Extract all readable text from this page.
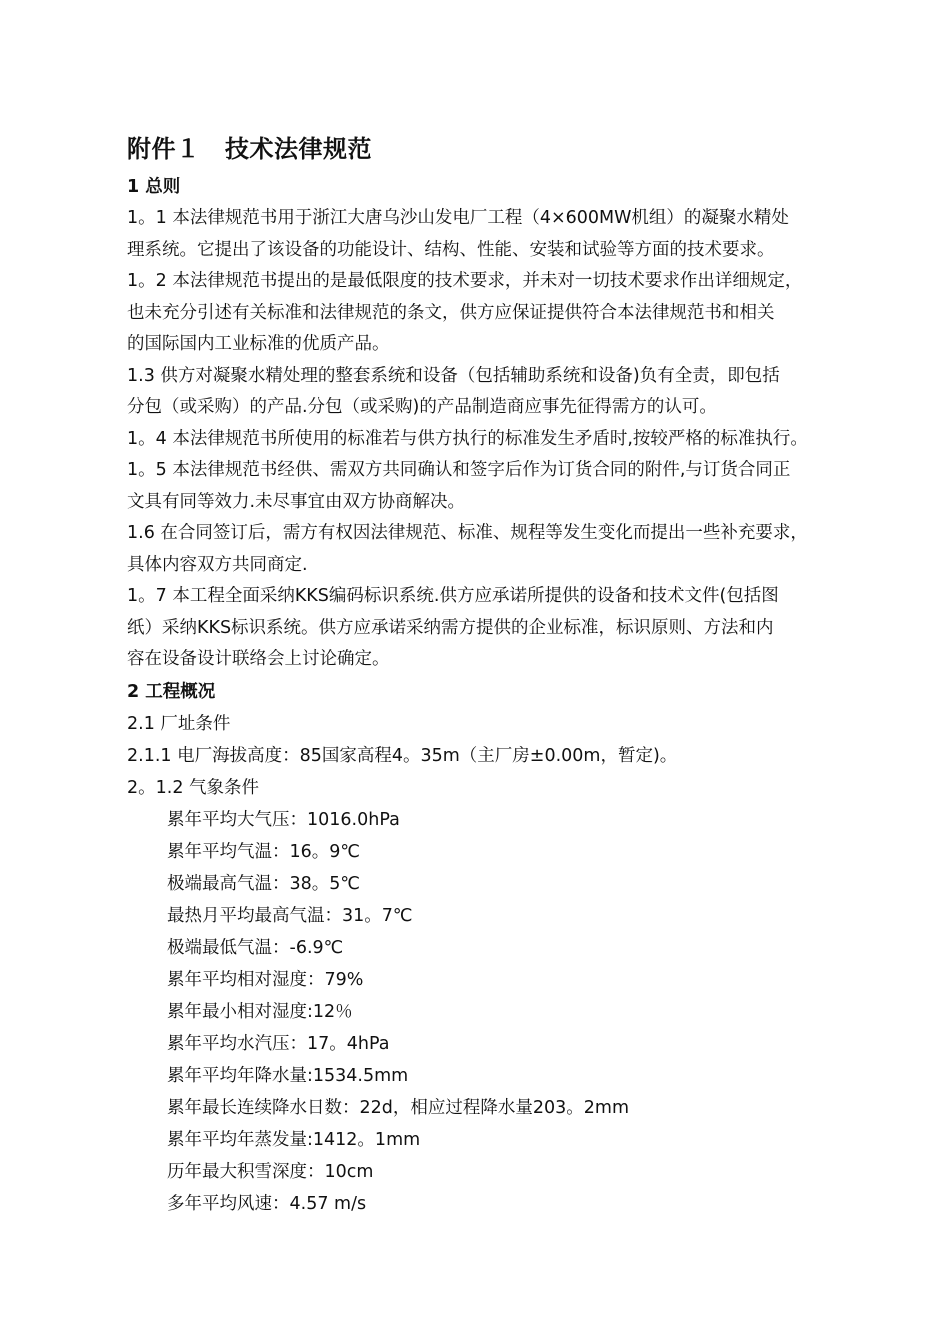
附件１　技术法律规范
1 总则

1。1 本法律规范书用于浙江大唐乌沙山发电厂工程（4×600MW机组）的凝聚水精处
理系统。它提出了该设备的功能设计、结构、性能、安装和试验等方面的技术要求。

1。2 本法律规范书提出的是最低限度的技术要求，并未对一切技术要求作出详细规定，
也未充分引述有关标准和法律规范的条文，供方应保证提供符合本法律规范书和相关
的国际国内工业标准的优质产品。

1.3 供方对凝聚水精处理的整套系统和设备（包括辅助系统和设备)负有全责，即包括
分包（或采购）的产品.分包（或采购)的产品制造商应事先征得需方的认可。

1。4 本法律规范书所使用的标准若与供方执行的标准发生矛盾时,按较严格的标准执行。

1。5 本法律规范书经供、需双方共同确认和签字后作为订货合同的附件,与订货合同正
文具有同等效力.未尽事宜由双方协商解决。

1.6 在合同签订后，需方有权因法律规范、标准、规程等发生变化而提出一些补充要求，
具体内容双方共同商定.

1。7 本工程全面采纳KKS编码标识系统.供方应承诺所提供的设备和技术文件(包括图
纸）采纳KKS标识系统。供方应承诺采纳需方提供的企业标准，标识原则、方法和内
容在设备设计联络会上讨论确定。

2 工程概况

2.1 厂址条件

2.1.1 电厂海拔高度：85国家高程4。35m（主厂房±0.00m，暂定)。

2。1.2 气象条件

累年平均大气压：1016.0hPa
累年平均气温：16。9℃
极端最高气温：38。5℃
最热月平均最高气温：31。7℃
极端最低气温：-6.9℃
累年平均相对湿度：79%
累年最小相对湿度:12％
累年平均水汽压：17。4hPa
累年平均年降水量:1534.5mm
累年最长连续降水日数：22d，相应过程降水量203。2mm
累年平均年蒸发量:1412。1mm
历年最大积雪深度：10cm
多年平均风速：4.57 m/s
